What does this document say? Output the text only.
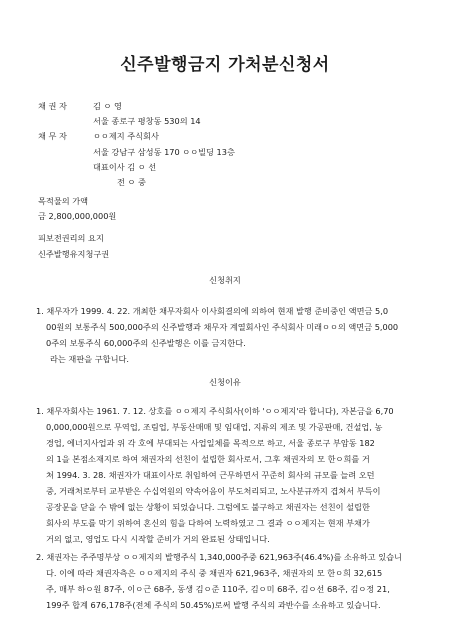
신주발행금지 가처분신청서
채 권 자	김 ㅇ 영
서울 종로구 평창동 530의 14
채 무 자	ㅇㅇ제지 주식회사
서울 강남구 삼성동 170 ㅇㅇ빌딩 13층
대표이사 김 ㅇ 선
전 ㅇ 중
목적물의 가액
금 2,800,000,000원
피보전권리의 요지
신주발행유지청구권
신청취지
1. 채무자가 1999. 4. 22. 개최한 채무자회사 이사회결의에 의하여 현재 발행 준비중인 액면금 5,0
00원의 보통주식 500,000주의 신주발행과 채무자 계열회사인 주식회사 미래ㅇㅇ의 액면금 5,000
0주의 보통주식 60,000주의 신주발행은 이를 금지한다.
라는 재판을 구합니다.
신청이유
1. 채무자회사는 1961. 7. 12. 상호를 ㅇㅇ제지 주식회사(이하 'ㅇㅇ제지'라 합니다), 자본금을 6,70
0,000,000원으로 무역업, 조림업, 부동산매매 및 임대업, 지류의 제조 및 가공판매, 건설업, 농
경업, 에너지사업과 위 각 호에 부대되는 사업일체를 목적으로 하고, 서울 종로구 부암동 182
의 1을 본점소재지로 하여 채권자의 선친이 설립한 회사로서, 그후 채권자의 모 한ㅇ희를 거
쳐 1994. 3. 28. 채권자가 대표이사로 취임하여 근무하면서 꾸준히 회사의 규모를 늘려 오던
중, 거래처로부터 교부받은 수십억원의 약속어음이 부도처리되고, 노사분규까지 겹쳐서 부득이
공장문을 닫을 수 밖에 없는 상황이 되었습니다. 그럼에도 불구하고 채권자는 선친이 설립한
회사의 부도를 막기 위하여 혼신의 힘을 다하여 노력하였고 그 결과 ㅇㅇ제지는 현재 부채가
거의 없고, 영업도 다시 시작할 준비가 거의 완료된 상태입니다.
2. 채권자는 주주명부상 ㅇㅇ제지의 발행주식 1,340,000주중 621,963주(46.4%)를 소유하고 있습니
다. 이에 따라 채권자측은 ㅇㅇ제지의 주식 중 채권자 621,963주, 채권자의 모 한ㅇ희 32,615
주, 매부 하ㅇ원 87주, 이ㅇ근 68주, 동생 김ㅇ준 110주, 김ㅇ미 68주, 김ㅇ선 68주, 김ㅇ정 21,
199주 합계 676,178주(전체 주식의 50.45%)로써 발행 주식의 과반수를 소유하고 있습니다.
